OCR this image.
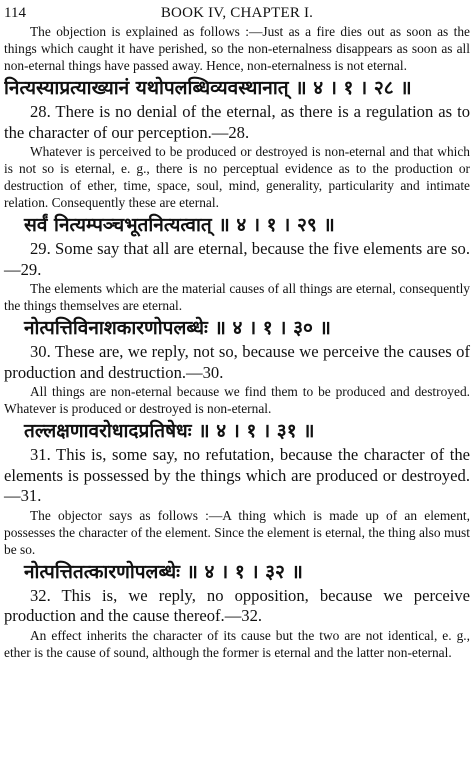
114	BOOK IV, CHAPTER I.

The objection is explained as follows :—Just as a fire dies out as soon as the things which caught it have perished, so the non-eternalness disappears as soon as all non-eternal things have passed away. Hence, non-eternalness is not eternal.

नित्यस्याप्रत्याख्यानं यथोपलब्धिव्यवस्थानात् ॥ ४ । १ । २८ ॥

28. There is no denial of the eternal, as there is a regulation as to the character of our perception.—28.

Whatever is perceived to be produced or destroyed is non-eternal and that which is not so is eternal, e. g., there is no perceptual evidence as to the production or destruction of ether, time, space, soul, mind, generality, particularity and intimate relation. Consequently these are eternal.

सर्वं नित्यम्पञ्चभूतनित्यत्वात् ॥ ४ । १ । २९ ॥

29. Some say that all are eternal, because the five elements are so.—29.

The elements which are the material causes of all things are eternal, consequently the things themselves are eternal.

नोत्पत्तिविनाशकारणोपलब्धेः ॥ ४ । १ । ३० ॥

30. These are, we reply, not so, because we perceive the causes of production and destruction.—30.

All things are non-eternal because we find them to be produced and destroyed. Whatever is produced or destroyed is non-eternal.

तल्लक्षणावरोधादप्रतिषेधः ॥ ४ । १ । ३१ ॥

31. This is, some say, no refutation, because the character of the elements is possessed by the things which are produced or destroyed.—31.

The objector says as follows :—A thing which is made up of an element, possesses the character of the element. Since the element is eternal, the thing also must be so.

नोत्पत्तितत्कारणोपलब्धेः ॥ ४ । १ । ३२ ॥

32. This is, we reply, no opposition, because we perceive production and the cause thereof.—32.

An effect inherits the character of its cause but the two are not identical, e. g., ether is the cause of sound, although the former is eternal and the latter non-eternal.
